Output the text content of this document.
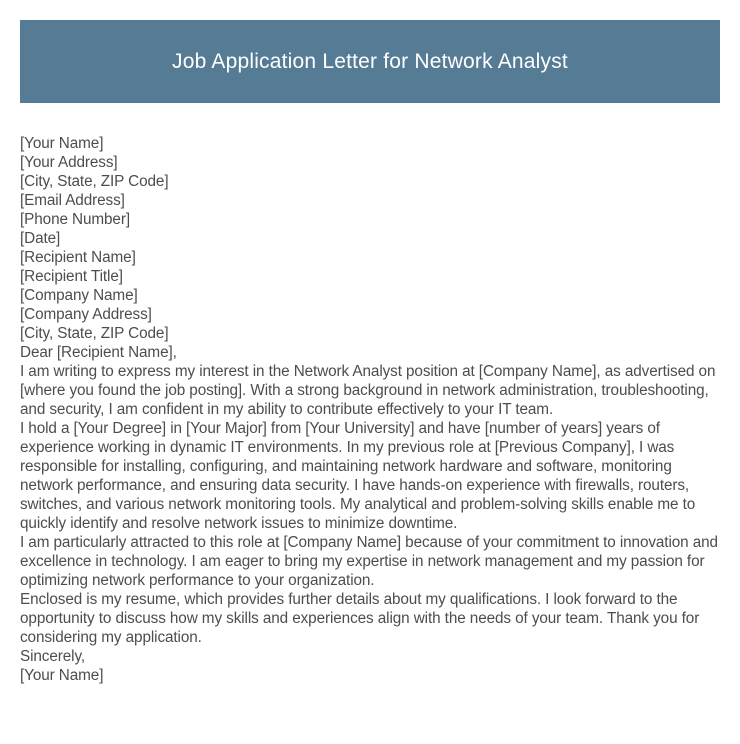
Job Application Letter for Network Analyst
[Your Name]
[Your Address]
[City, State, ZIP Code]
[Email Address]
[Phone Number]
[Date]
[Recipient Name]
[Recipient Title]
[Company Name]
[Company Address]
[City, State, ZIP Code]
Dear [Recipient Name],

I am writing to express my interest in the Network Analyst position at [Company Name], as advertised on [where you found the job posting]. With a strong background in network administration, troubleshooting, and security, I am confident in my ability to contribute effectively to your IT team.

I hold a [Your Degree] in [Your Major] from [Your University] and have [number of years] years of experience working in dynamic IT environments. In my previous role at [Previous Company], I was responsible for installing, configuring, and maintaining network hardware and software, monitoring network performance, and ensuring data security. I have hands-on experience with firewalls, routers, switches, and various network monitoring tools. My analytical and problem-solving skills enable me to quickly identify and resolve network issues to minimize downtime.

I am particularly attracted to this role at [Company Name] because of your commitment to innovation and excellence in technology. I am eager to bring my expertise in network management and my passion for optimizing network performance to your organization.

Enclosed is my resume, which provides further details about my qualifications. I look forward to the opportunity to discuss how my skills and experiences align with the needs of your team. Thank you for considering my application.

Sincerely,
[Your Name]
